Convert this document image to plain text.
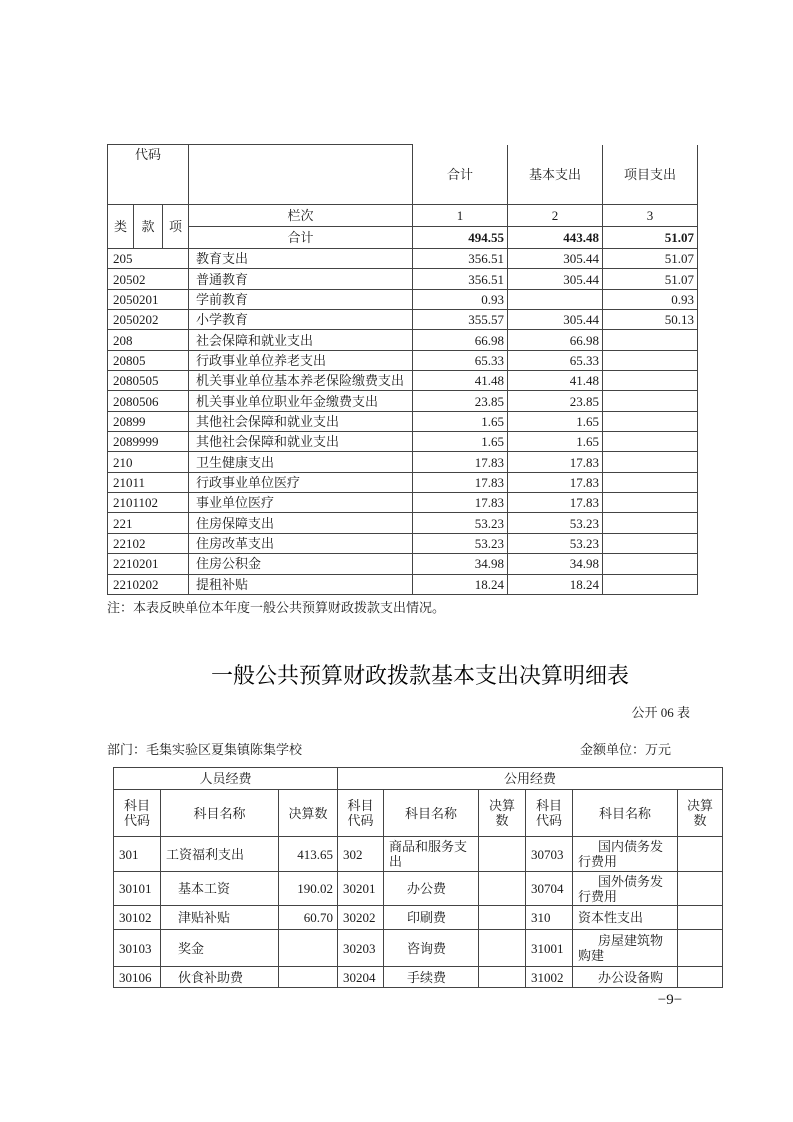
代码				合计	基本支出	项目支出
类	款	项	栏次	1	2	3
			合计	494.55	443.48	51.07
205			教育支出	356.51	305.44	51.07
20502			普通教育	356.51	305.44	51.07
2050201			学前教育	0.93		0.93
2050202			小学教育	355.57	305.44	50.13
208			社会保障和就业支出	66.98	66.98	
20805			行政事业单位养老支出	65.33	65.33	
2080505			机关事业单位基本养老保险缴费支出	41.48	41.48	
2080506			机关事业单位职业年金缴费支出	23.85	23.85	
20899			其他社会保障和就业支出	1.65	1.65	
2089999			其他社会保障和就业支出	1.65	1.65	
210			卫生健康支出	17.83	17.83	
21011			行政事业单位医疗	17.83	17.83	
2101102			事业单位医疗	17.83	17.83	
221			住房保障支出	53.23	53.23	
22102			住房改革支出	53.23	53.23	
2210201			住房公积金	34.98	34.98	
2210202			提租补贴	18.24	18.24	
注：本表反映单位本年度一般公共预算财政拨款支出情况。
一般公共预算财政拨款基本支出决算明细表
公开 06 表
部门：毛集实验区夏集镇陈集学校	金额单位：万元
人员经费			公用经费					
科目代码	科目名称	决算数	科目代码	科目名称	决算数	科目代码	科目名称	决算数
301	工资福利支出	413.65	302	商品和服务支出		30703	国内债务发行费用	
30101	基本工资	190.02	30201	办公费		30704	国外债务发行费用	
30102	津贴补贴	60.70	30202	印刷费		310	资本性支出	
30103	奖金		30203	咨询费		31001	房屋建筑物购建	
30106	伙食补助费		30204	手续费		31002	办公设备购	
−9−
